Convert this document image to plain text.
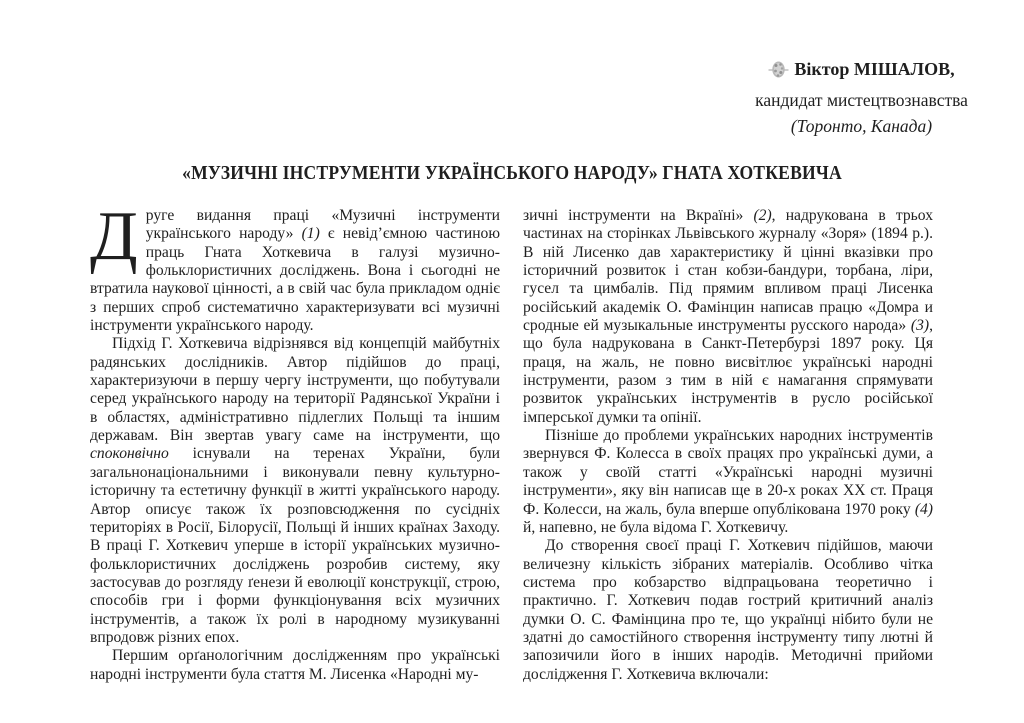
Віктор МІШАЛОВ,
кандидат мистецтвознавства
(Торонто, Канада)
«МУЗИЧНІ ІНСТРУМЕНТИ УКРАЇНСЬКОГО НАРОДУ» ГНАТА ХОТКЕВИЧА

Друге видання праці «Музичні інструменти українського народу» (1) є невід’ємною частиною праць Гната Хоткевича в галузі музично-фольклористичних досліджень. Вона і сьогодні не втратила наукової цінності, а в свій час була прикладом одніє з перших спроб систематично характеризувати всі музичні інструменти українського народу.

Підхід Г. Хоткевича відрізнявся від концепцій майбутніх радянських дослідників. Автор підійшов до праці, характеризуючи в першу чергу інструменти, що побутували серед українського народу на території Радянської України і в областях, адміністративно підлеглих Польщі та іншим державам. Він звертав увагу саме на інструменти, що споконвічно існували на теренах України, були загальнонаціональними і виконували певну культурно-історичну та естетичну функції в житті українського народу. Автор описує також їх розповсюдження по сусідніх територіях в Росії, Білорусії, Польщі й інших країнах Заходу. В праці Г. Хоткевич уперше в історії українських музично-фольклористичних досліджень розробив систему, яку застосував до розгляду ґенези й еволюції конструкції, строю, способів гри і форми функціонування всіх музичних інструментів, а також їх ролі в народному музикуванні впродовж різних епох.

Першим орґанологічним дослідженням про українські народні інструменти була стаття М. Лисенка «Народні му-

зичні інструменти на Вкраїні» (2), надрукована в трьох частинах на сторінках Львівського журналу «Зоря» (1894 р.). В ній Лисенко дав характеристику й цінні вказівки про історичний розвиток і стан кобзи-бандури, торбана, ліри, гусел та цимбалів. Під прямим впливом праці Лисенка російський академік О. Фамінцин написав працю «Домра и сродные ей музыкальные инструменты русского народа» (3), що була надрукована в Санкт-Петербурзі 1897 року. Ця праця, на жаль, не повно висвітлює українські народні інструменти, разом з тим в ній є намагання спрямувати розвиток українських інструментів в русло російської імперської думки та опінії.

Пізніше до проблеми українських народних інструментів звернувся Ф. Колесса в своїх працях про українські думи, а також у своїй статті «Українські народні музичні інструменти», яку він написав ще в 20-х роках ХХ ст. Праця Ф. Колесси, на жаль, була вперше опублікована 1970 року (4) й, напевно, не була відома Г. Хоткевичу.

До створення своєї праці Г. Хоткевич підійшов, маючи величезну кількість зібраних матеріалів. Особливо чітка система про кобзарство відпрацьована теоретично і практично. Г. Хоткевич подав гострий критичний аналіз думки О. С. Фамінцина про те, що українці нібито були не здатні до самостійного створення інструменту типу лютні й запозичили його в інших народів. Методичні прийоми дослідження Г. Хоткевича включали:
